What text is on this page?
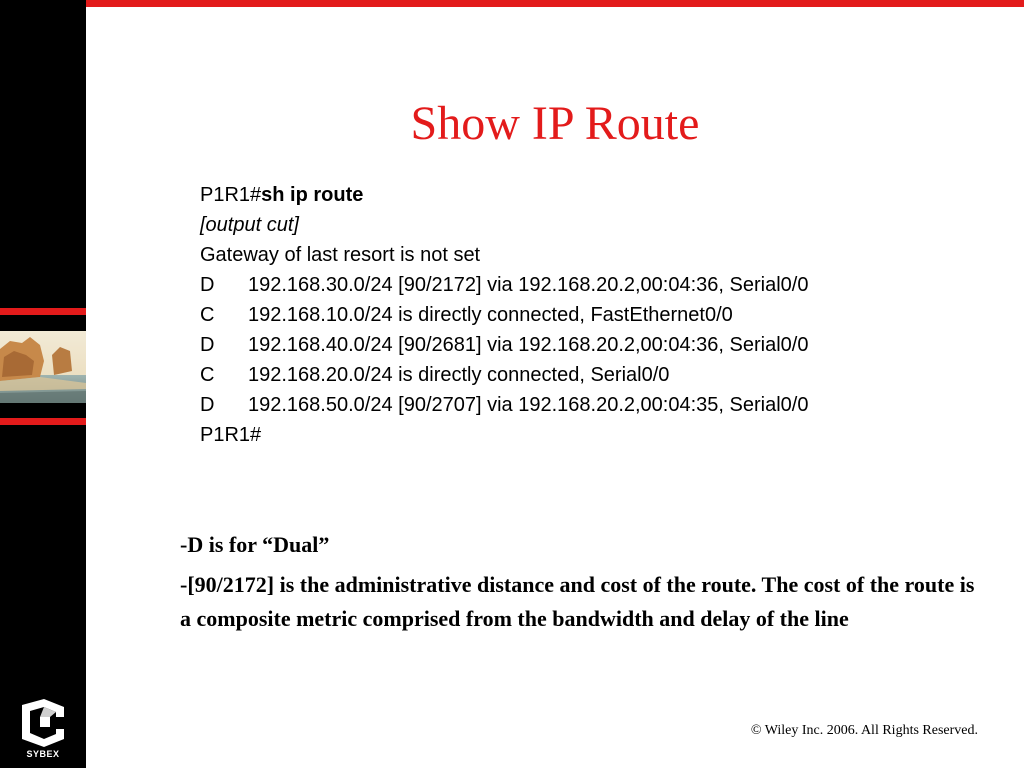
SYBEX
Show IP Route
P1R1#sh ip route
[output cut]
Gateway of last resort is not set
D 192.168.30.0/24 [90/2172] via 192.168.20.2,00:04:36, Serial0/0
C 192.168.10.0/24 is directly connected, FastEthernet0/0
D 192.168.40.0/24 [90/2681] via 192.168.20.2,00:04:36, Serial0/0
C 192.168.20.0/24 is directly connected, Serial0/0
D 192.168.50.0/24 [90/2707] via 192.168.20.2,00:04:35, Serial0/0
P1R1#

-D is for “Dual”

-[90/2172] is the administrative distance and cost of the route. The cost of the route is a composite metric comprised from the bandwidth and delay of the line

© Wiley Inc. 2006. All Rights Reserved.
